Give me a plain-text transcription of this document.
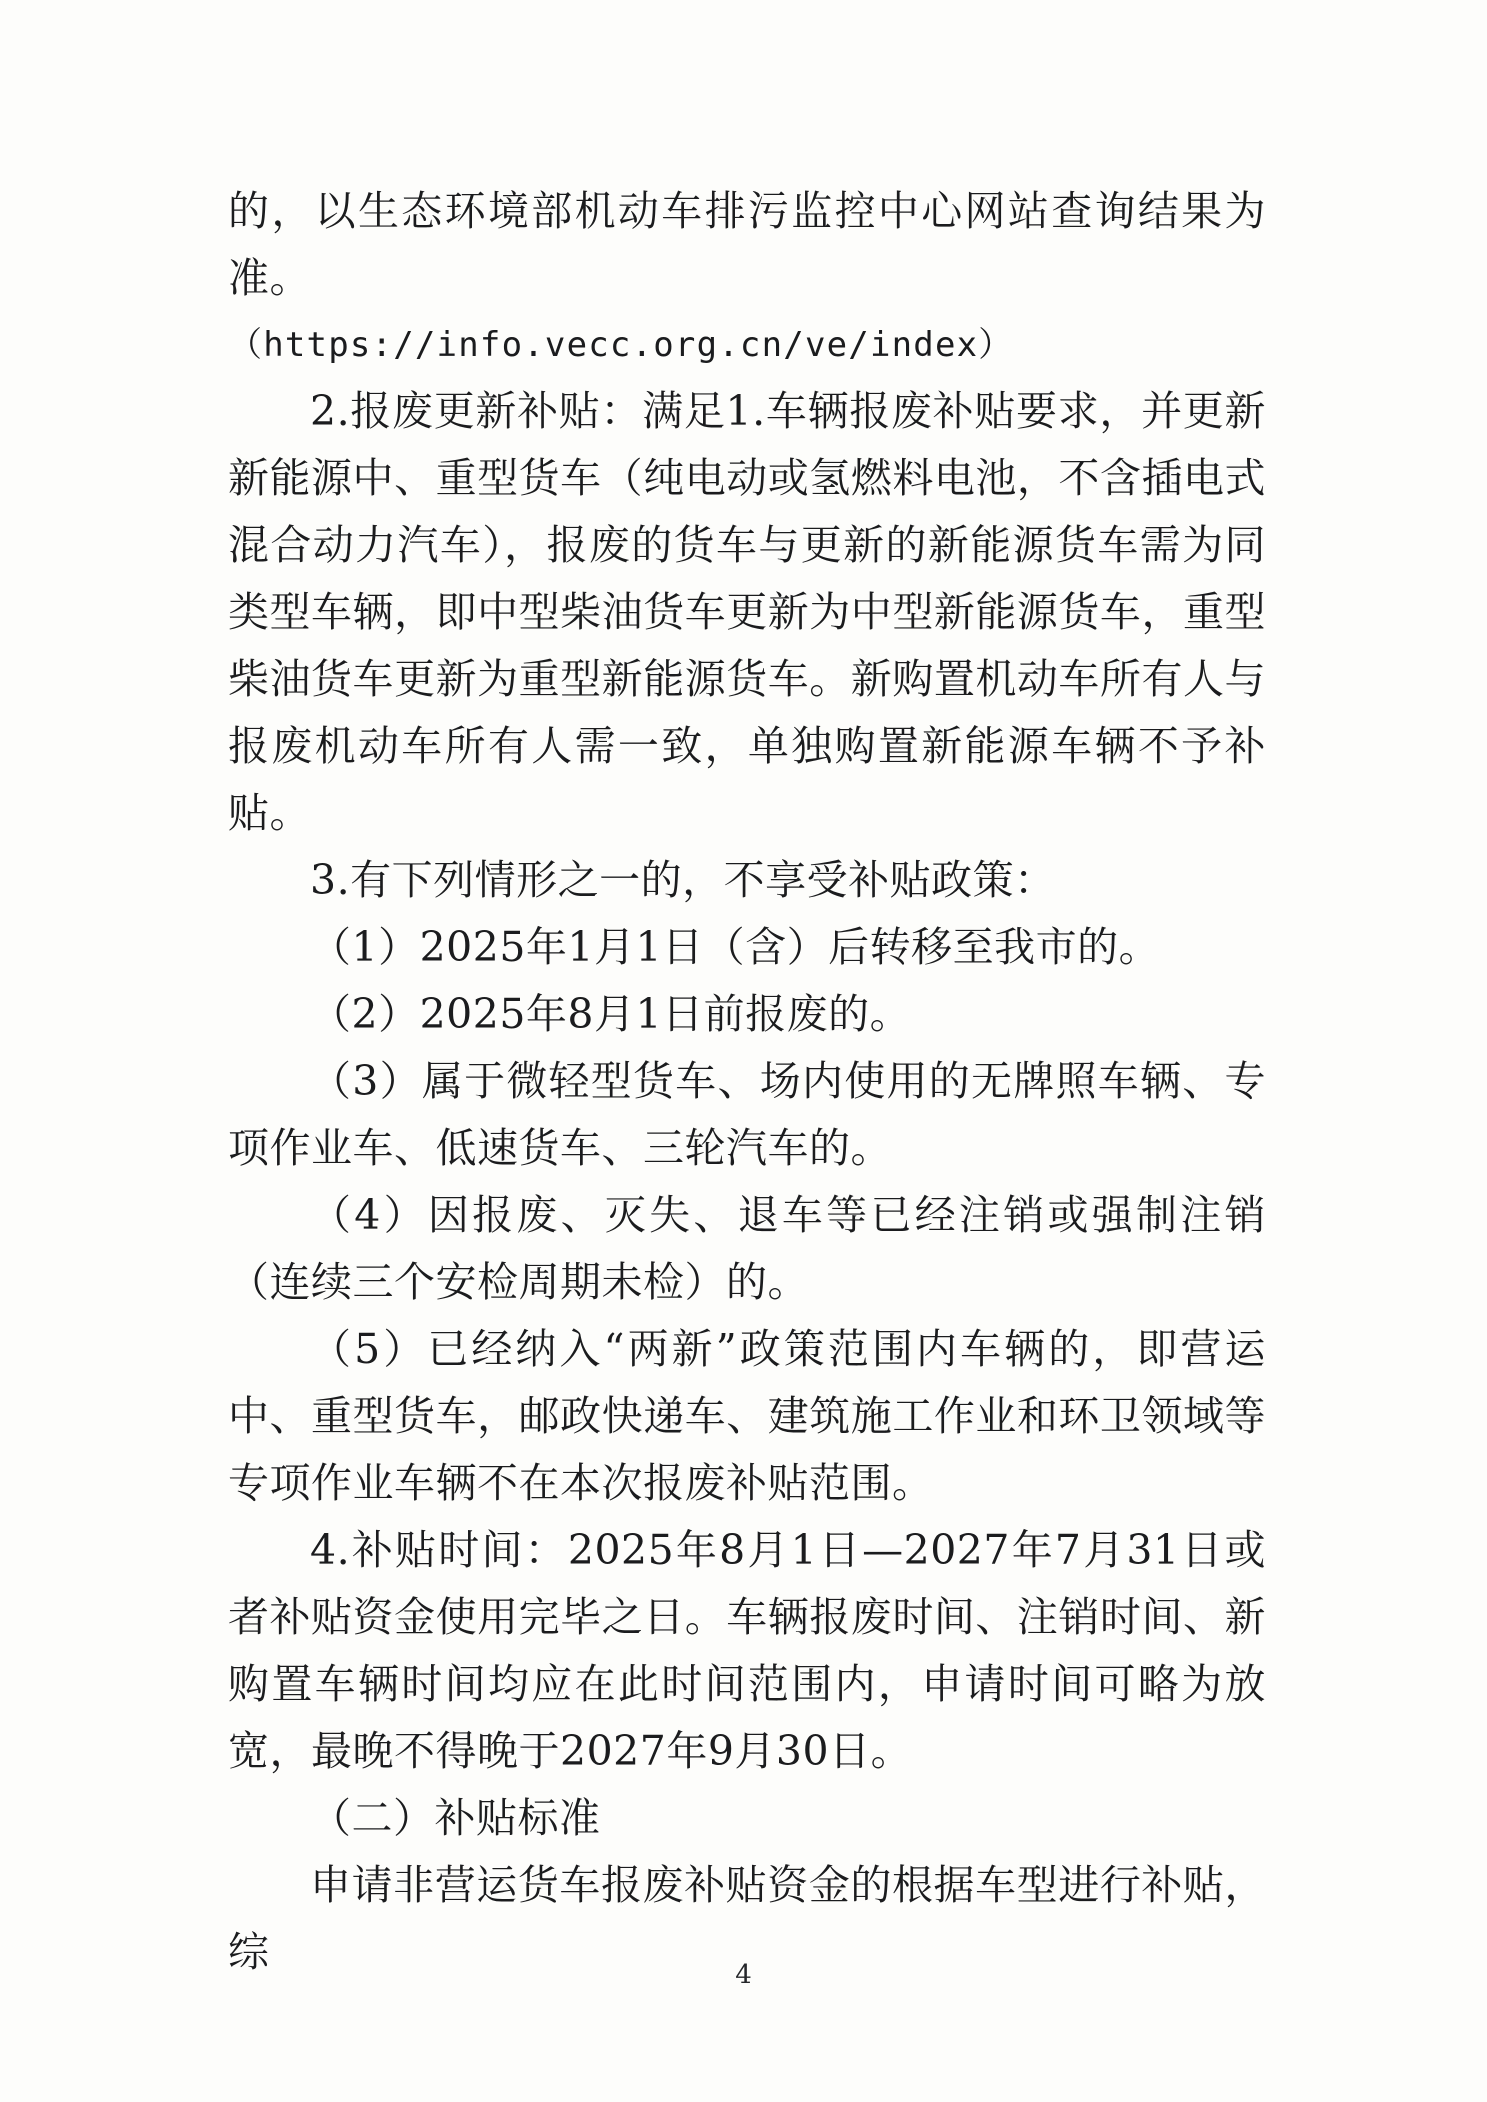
的，以生态环境部机动车排污监控中心网站查询结果为准。

（https://info.vecc.org.cn/ve/index）

2.报废更新补贴：满足1.车辆报废补贴要求，并更新新能源中、重型货车（纯电动或氢燃料电池，不含插电式混合动力汽车），报废的货车与更新的新能源货车需为同类型车辆，即中型柴油货车更新为中型新能源货车，重型柴油货车更新为重型新能源货车。新购置机动车所有人与报废机动车所有人需一致，单独购置新能源车辆不予补贴。

3.有下列情形之一的，不享受补贴政策：

（1）2025年1月1日（含）后转移至我市的。

（2）2025年8月1日前报废的。

（3）属于微轻型货车、场内使用的无牌照车辆、专项作业车、低速货车、三轮汽车的。

（4）因报废、灭失、退车等已经注销或强制注销（连续三个安检周期未检）的。

（5）已经纳入“两新”政策范围内车辆的，即营运中、重型货车，邮政快递车、建筑施工作业和环卫领域等专项作业车辆不在本次报废补贴范围。

4.补贴时间：2025年8月1日—2027年7月31日或者补贴资金使用完毕之日。车辆报废时间、注销时间、新购置车辆时间均应在此时间范围内，申请时间可略为放宽，最晚不得晚于2027年9月30日。

（二）补贴标准

申请非营运货车报废补贴资金的根据车型进行补贴，综	4
